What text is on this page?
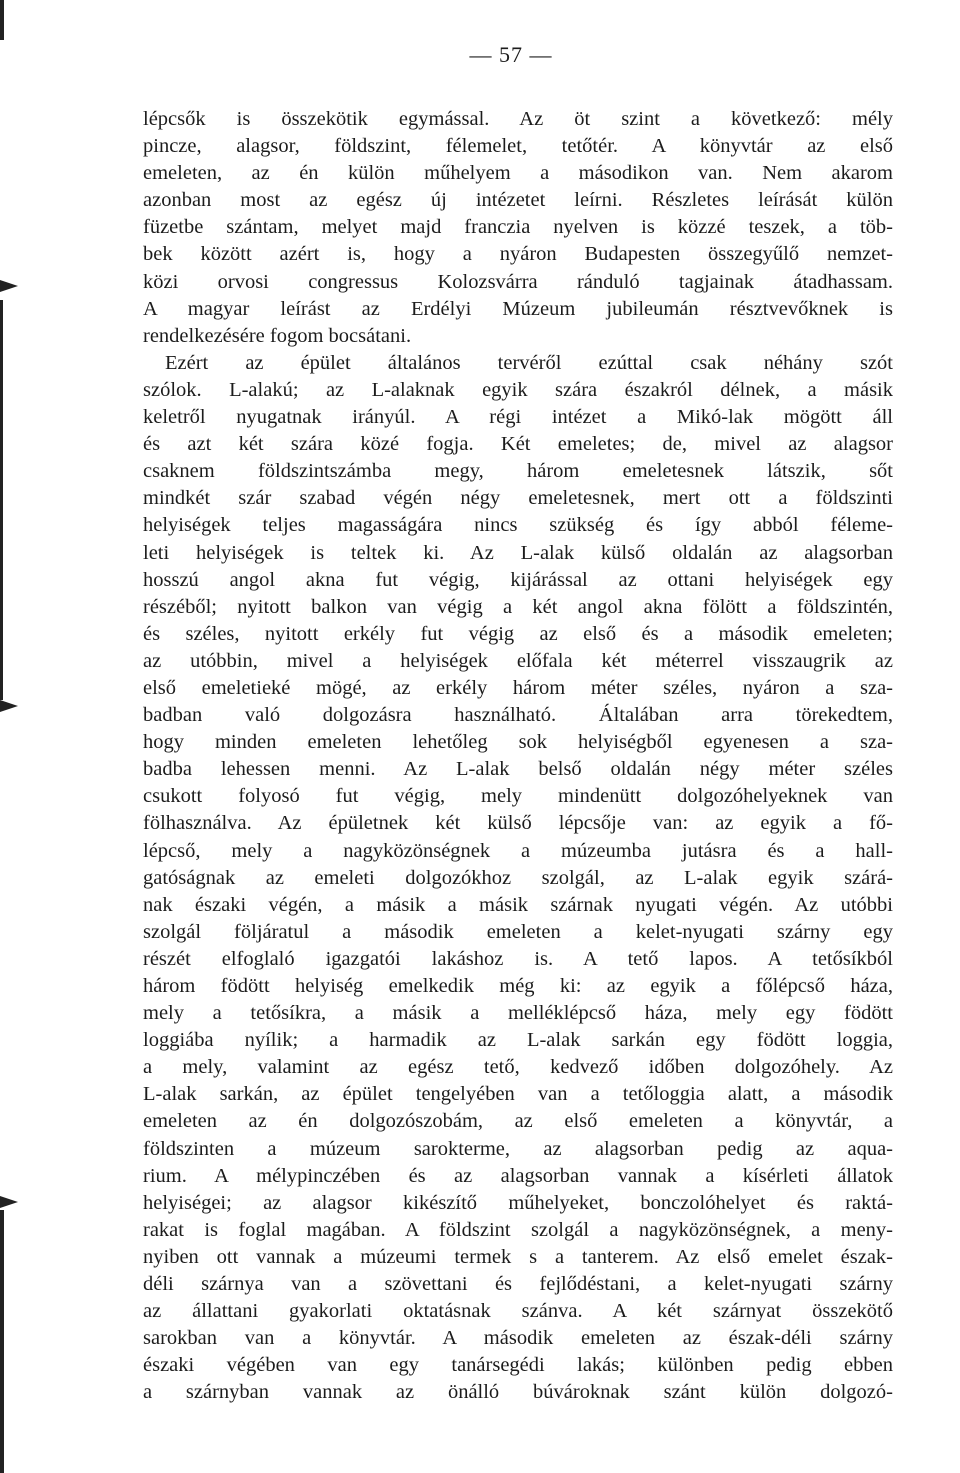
— 57 —
lépcsők is összekötik egymással. Az öt szint a következő: mély
pincze, alagsor, földszint, félemelet, tetőtér. A könyvtár az első
emeleten, az én külön műhelyem a másodikon van. Nem akarom
azonban most az egész új intézetet leírni. Részletes leírását külön
füzetbe szántam, melyet majd franczia nyelven is közzé teszek, a töb-
bek között azért is, hogy a nyáron Budapesten összegyűlő nemzet-
közi orvosi congressus Kolozsvárra ránduló tagjainak átadhassam.
A magyar leírást az Erdélyi Múzeum jubileumán résztvevőknek is
rendelkezésére fogom bocsátani.
Ezért az épület általános tervéről ezúttal csak néhány szót
szólok. L-alakú; az L-alaknak egyik szára északról délnek, a másik
keletről nyugatnak irányúl. A régi intézet a Mikó-lak mögött áll
és azt két szára közé fogja. Két emeletes; de, mivel az alagsor
csaknem földszintszámba megy, három emeletesnek látszik, sőt
mindkét szár szabad végén négy emeletesnek, mert ott a földszinti
helyiségek teljes magasságára nincs szükség és így abból féleme-
leti helyiségek is teltek ki. Az L-alak külső oldalán az alagsorban
hosszú angol akna fut végig, kijárással az ottani helyiségek egy
részéből; nyitott balkon van végig a két angol akna fölött a földszintén,
és széles, nyitott erkély fut végig az első és a második emeleten;
az utóbbin, mivel a helyiségek előfala két méterrel visszaugrik az
első emeletieké mögé, az erkély három méter széles, nyáron a sza-
badban való dolgozásra használható. Általában arra törekedtem,
hogy minden emeleten lehetőleg sok helyiségből egyenesen a sza-
badba lehessen menni. Az L-alak belső oldalán négy méter széles
csukott folyosó fut végig, mely mindenütt dolgozóhelyeknek van
fölhasználva. Az épületnek két külső lépcsője van: az egyik a fő-
lépcső, mely a nagyközönségnek a múzeumba jutásra és a hall-
gatóságnak az emeleti dolgozókhoz szolgál, az L-alak egyik szárá-
nak északi végén, a másik a másik szárnak nyugati végén. Az utóbbi
szolgál följáratul a második emeleten a kelet-nyugati szárny egy
részét elfoglaló igazgatói lakáshoz is. A tető lapos. A tetősíkból
három födött helyiség emelkedik még ki: az egyik a főlépcső háza,
mely a tetősíkra, a másik a melléklépcső háza, mely egy födött
loggiába nyílik; a harmadik az L-alak sarkán egy födött loggia,
a mely, valamint az egész tető, kedvező időben dolgozóhely. Az
L-alak sarkán, az épület tengelyében van a tetőloggia alatt, a második
emeleten az én dolgozószobám, az első emeleten a könyvtár, a
földszinten a múzeum sarokterme, az alagsorban pedig az aqua-
rium. A mélypinczében és az alagsorban vannak a kísérleti állatok
helyiségei; az alagsor kikészítő műhelyeket, bonczolóhelyet és raktá-
rakat is foglal magában. A földszint szolgál a nagyközönségnek, a meny-
nyiben ott vannak a múzeumi termek s a tanterem. Az első emelet észak-
déli szárnya van a szövettani és fejlődéstani, a kelet-nyugati szárny
az állattani gyakorlati oktatásnak szánva. A két szárnyat összekötő
sarokban van a könyvtár. A második emeleten az észak-déli szárny
északi végében van egy tanársegédi lakás; különben pedig ebben
a szárnyban vannak az önálló búvároknak szánt külön dolgozó-
